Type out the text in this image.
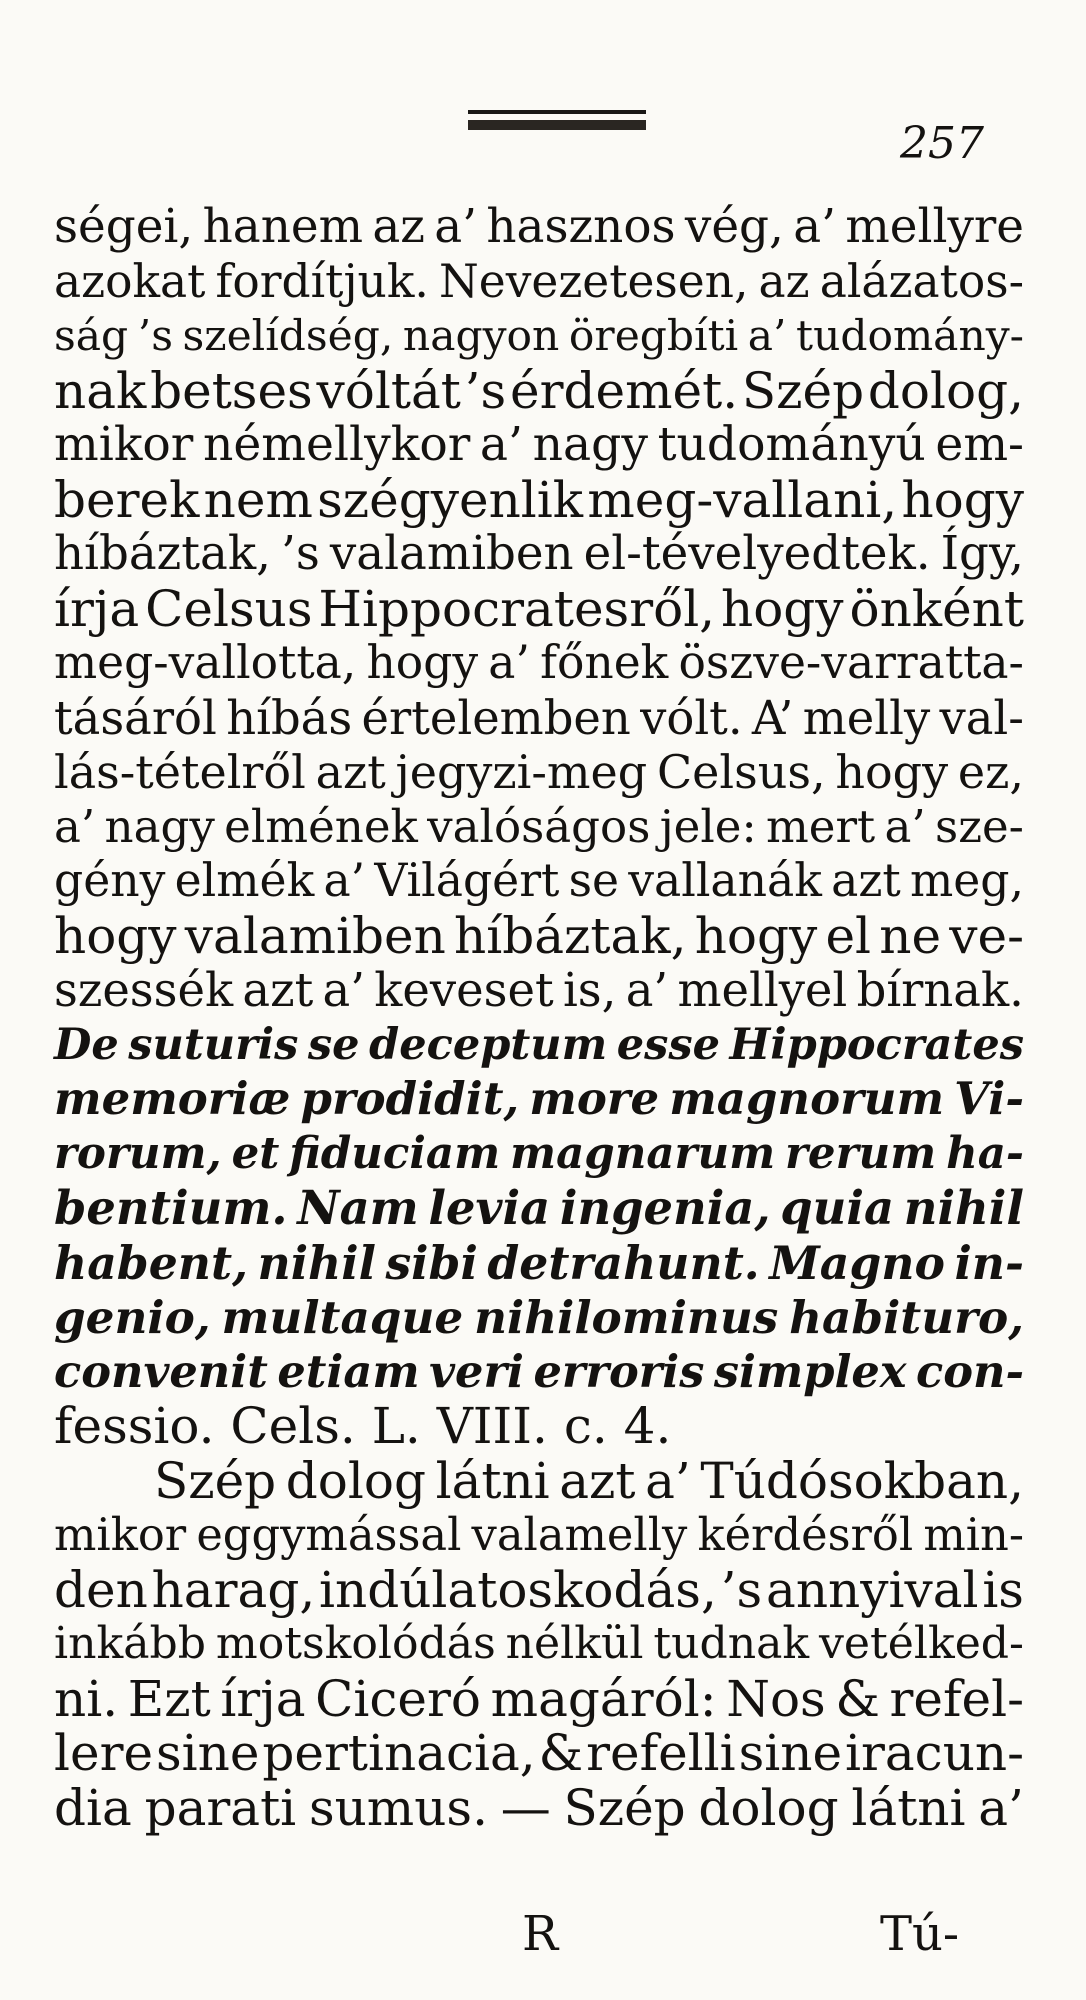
257
ségei, hanem az a’ hasznos vég, a’ mellyre
azokat fordítjuk. Nevezetesen, az alázatos-
ság ’s szelídség, nagyon öregbíti a’ tudomány-
nak betses vóltát ’s érdemét. Szép dolog,
mikor némellykor a’ nagy tudományú em-
berek nem szégyenlik meg-vallani, hogy
híbáztak, ’s valamiben el-tévelyedtek. Így,
írja Celsus Hippocratesről, hogy önként
meg-vallotta, hogy a’ főnek öszve-varratta-
tásáról híbás értelemben vólt. A’ melly val-
lás-tételről azt jegyzi-meg Celsus, hogy ez,
a’ nagy elmének valóságos jele: mert a’ sze-
gény elmék a’ Világért se vallanák azt meg,
hogy valamiben híbáztak, hogy el ne ve-
szessék azt a’ keveset is, a’ mellyel bírnak.
De suturis se deceptum esse Hippocrates
memoriæ prodidit, more magnorum Vi-
rorum, et fiduciam magnarum rerum ha-
bentium. Nam levia ingenia, quia nihil
habent, nihil sibi detrahunt. Magno in-
genio, multaque nihilominus habituro,
convenit etiam veri erroris simplex con-
fessio. Cels. L. VIII. c. 4.
Szép dolog látni azt a’ Túdósokban,
mikor eggymással valamelly kérdésről min-
den harag, indúlatoskodás, ’s annyival is
inkább motskolódás nélkül tudnak vetélked-
ni. Ezt írja Ciceró magáról: Nos & refel-
lere sine pertinacia, & refelli sine iracun-
dia parati sumus. — Szép dolog látni a’
R	Tú-
